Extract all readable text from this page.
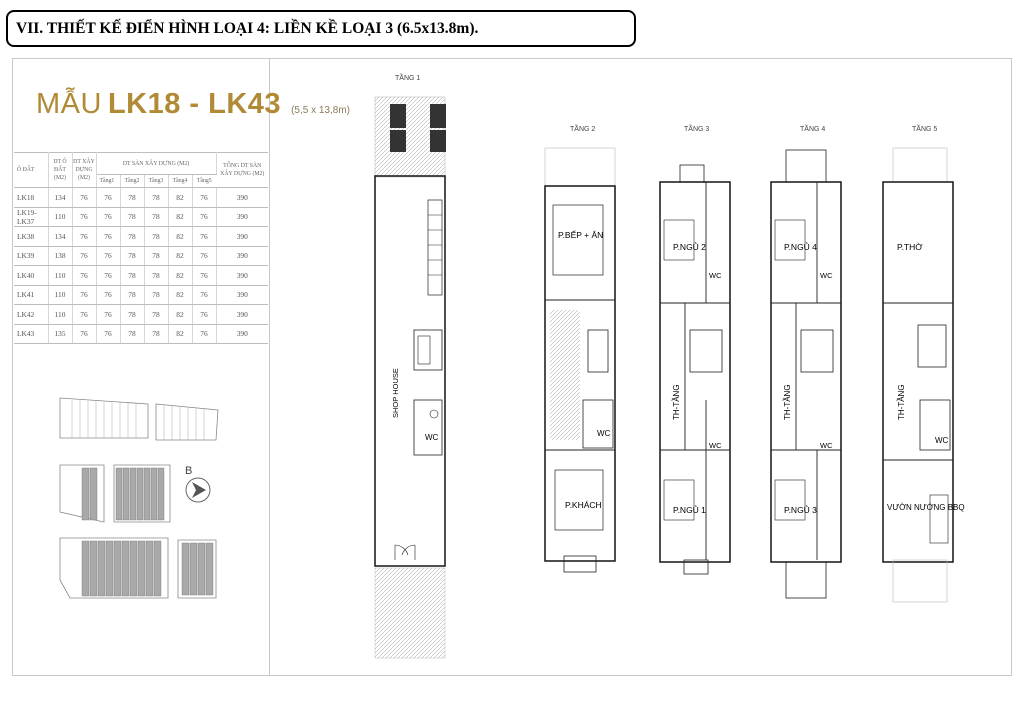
VII. THIẾT KẾ ĐIỂN HÌNH LOẠI 4: LIỀN KỀ LOẠI 3 (6.5x13.8m).
MẪU LK18 - LK43 (5,5 x 13,8m)
Ô ĐẤT	DT Ô ĐẤT (M2)	DT XÂY DỰNG (M2)	DT SÀN XÂY DỰNG (M2)					TỔNG DT SÀN XÂY DỰNG (M2)
			Tầng1	Tầng2	Tầng3	Tầng4	Tầng5	
LK18	134	76	76	78	78	82	76	390
LK19-LK37	110	76	76	78	78	82	76	390
LK38	134	76	76	78	78	82	76	390
LK39	138	76	76	78	78	82	76	390
LK40	110	76	76	78	78	82	76	390
LK41	110	76	76	78	78	82	76	390
LK42	110	76	76	78	78	82	76	390
LK43	135	76	76	78	78	82	76	390
B
TẦNG 1
TẦNG 2	TẦNG 3	TẦNG 4	TẦNG 5
SHOP HOUSE
WC
P.BẾP + ĂN
WC
P.KHÁCH
P.NGỦ 2
WC
TH-TẦNG
WC
P.NGỦ 1
P.NGỦ 4
WC
TH-TẦNG
WC
P.NGỦ 3
P.THỜ
TH-TẦNG
WC
VƯỜN NƯỚNG BBQ
